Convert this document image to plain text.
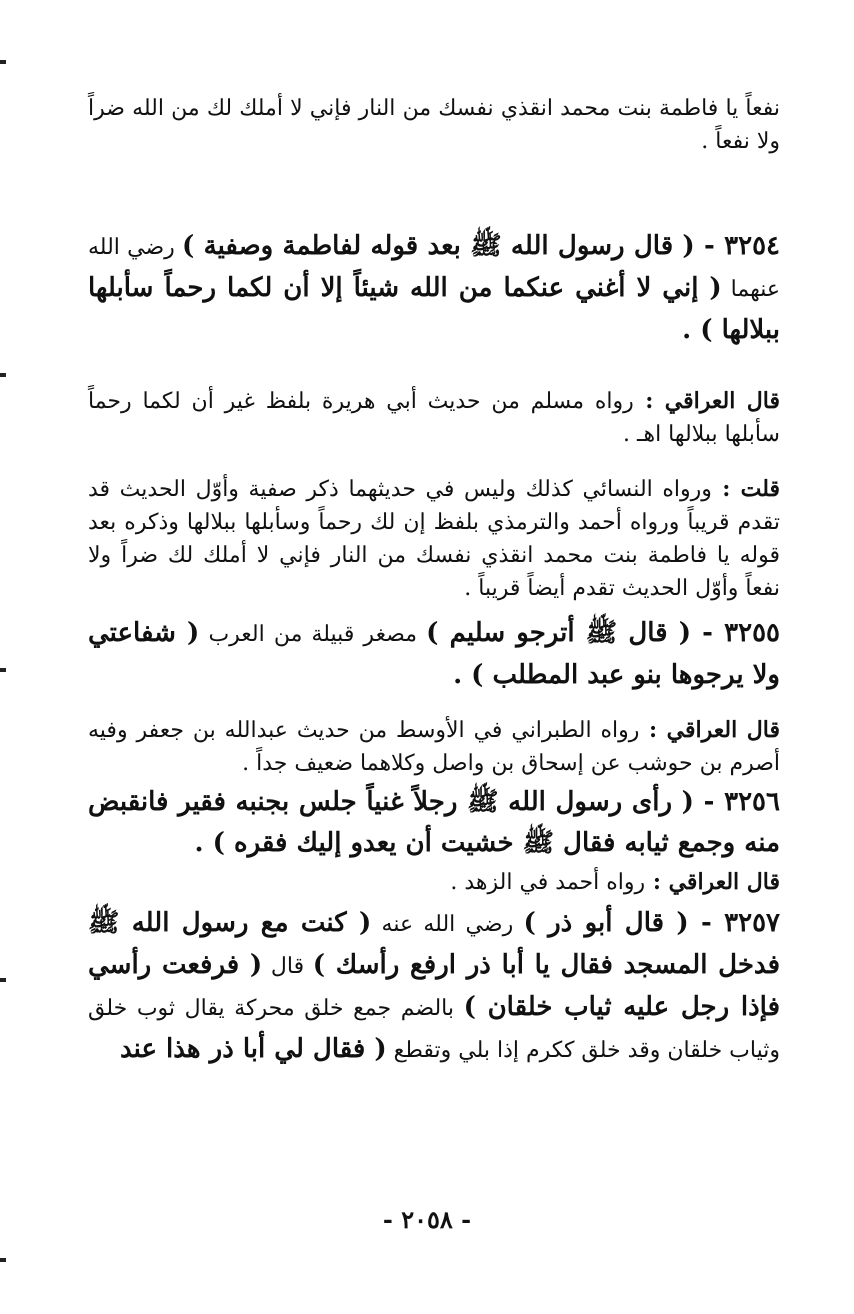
نفعاً يا فاطمة بنت محمد انقذي نفسك من النار فإني لا أملك لك من الله ضراً ولا نفعاً .

٣٢٥٤ - ( قال رسول الله ﷺ بعد قوله لفاطمة وصفية ) رضي الله عنهما ( إني لا أغني عنكما من الله شيئاً إلا أن لكما رحماً سأبلها ببلالها ) .

قال العراقي : رواه مسلم من حديث أبي هريرة بلفظ غير أن لكما رحماً سأبلها ببلالها اهـ .

قلت : ورواه النسائي كذلك وليس في حديثهما ذكر صفية وأوّل الحديث قد تقدم قريباً ورواه أحمد والترمذي بلفظ إن لك رحماً وسأبلها ببلالها وذكره بعد قوله يا فاطمة بنت محمد انقذي نفسك من النار فإني لا أملك لك ضراً ولا نفعاً وأوّل الحديث تقدم أيضاً قريباً .

٣٢٥٥ - ( قال ﷺ أترجو سليم ) مصغر قبيلة من العرب ( شفاعتي ولا يرجوها بنو عبد المطلب ) .

قال العراقي : رواه الطبراني في الأوسط من حديث عبدالله بن جعفر وفيه أصرم بن حوشب عن إسحاق بن واصل وكلاهما ضعيف جداً .

٣٢٥٦ - ( رأى رسول الله ﷺ رجلاً غنياً جلس بجنبه فقير فانقبض منه وجمع ثيابه فقال ﷺ خشيت أن يعدو إليك فقره ) .

قال العراقي : رواه أحمد في الزهد .

٣٢٥٧ - ( قال أبو ذر ) رضي الله عنه ( كنت مع رسول الله ﷺ فدخل المسجد فقال يا أبا ذر ارفع رأسك ) قال ( فرفعت رأسي فإذا رجل عليه ثياب خلقان ) بالضم جمع خلق محركة يقال ثوب خلق وثياب خلقان وقد خلق ككرم إذا بلي وتقطع ( فقال لي أبا ذر هذا عند

- ٢٠٥٨ -
